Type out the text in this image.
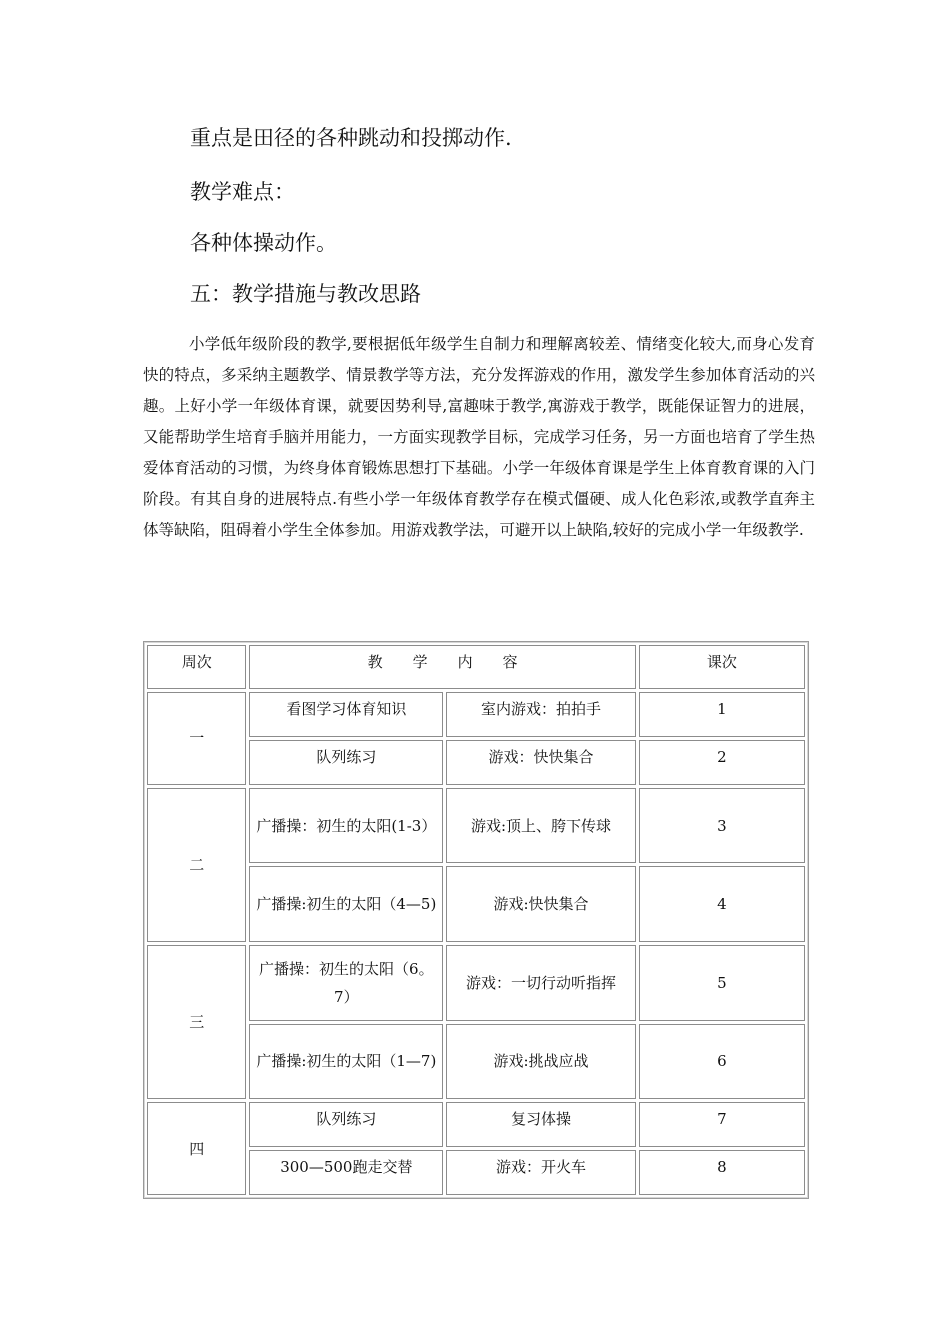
重点是田径的各种跳动和投掷动作.
教学难点：
各种体操动作。
五：教学措施与教改思路

小学低年级阶段的教学,要根据低年级学生自制力和理解离较差、情绪变化较大,而身心发育快的特点，多采纳主题教学、情景教学等方法，充分发挥游戏的作用，激发学生参加体育活动的兴趣。上好小学一年级体育课，就要因势利导,富趣味于教学,寓游戏于教学，既能保证智力的进展，又能帮助学生培育手脑并用能力，一方面实现教学目标，完成学习任务，另一方面也培育了学生热爱体育活动的习惯，为终身体育锻炼思想打下基础。小学一年级体育课是学生上体育教育课的入门阶段。有其自身的进展特点.有些小学一年级体育教学存在模式僵硬、成人化色彩浓,或教学直奔主体等缺陷，阻碍着小学生全体参加。用游戏教学法，可避开以上缺陷,较好的完成小学一年级教学.

周次	教　　学　　内　　容		课次
一	看图学习体育知识	室内游戏：拍拍手	1
	队列练习	游戏：快快集合	2
二	广播操：初生的太阳(1-3）	游戏:顶上、胯下传球	3
	广播操:初生的太阳（4—5)	游戏:快快集合	4
三	广播操：初生的太阳（6。7）	游戏：一切行动听指挥	5
	广播操:初生的太阳（1—7)	游戏:挑战应战	6
四	队列练习	复习体操	7
	300—500跑走交替	游戏：开火车	8
